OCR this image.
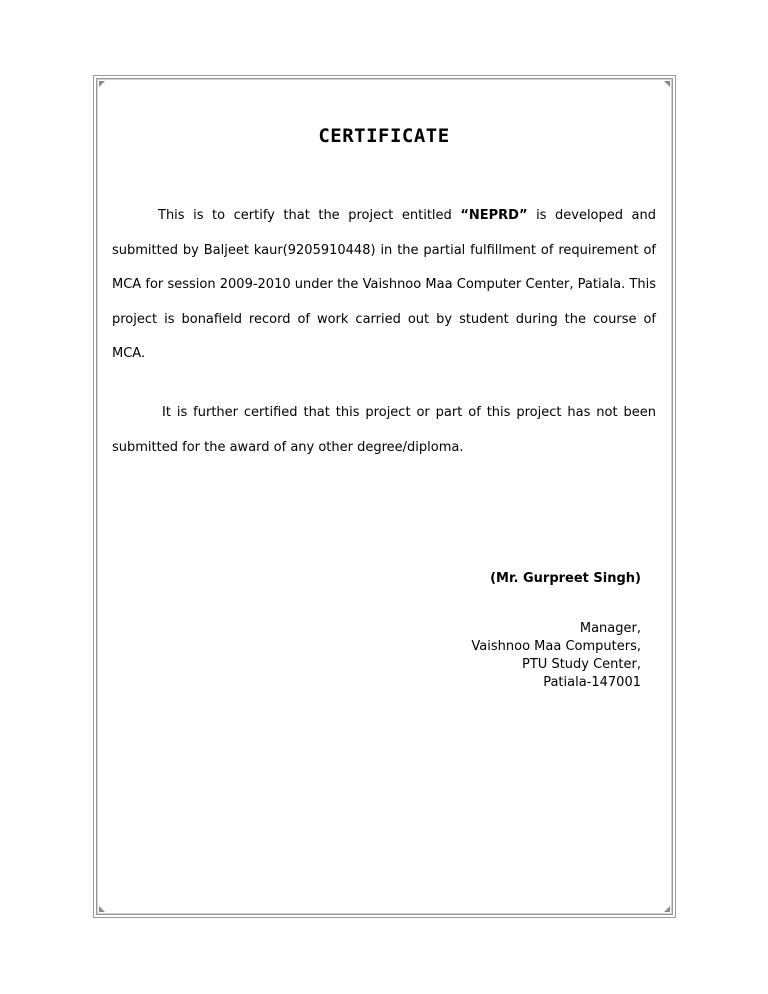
CERTIFICATE
This is to certify that the project entitled “NEPRD” is developed and submitted by Baljeet kaur(9205910448) in the partial fulfillment of requirement of MCA for session 2009-2010 under the Vaishnoo Maa Computer Center, Patiala. This project is bonafield record of work carried out by student during the course of MCA.
It is further certified that this project or part of this project has not been submitted for the award of any other degree/diploma.
(Mr. Gurpreet Singh)
Manager,
Vaishnoo Maa Computers,
PTU Study Center,
Patiala-147001
